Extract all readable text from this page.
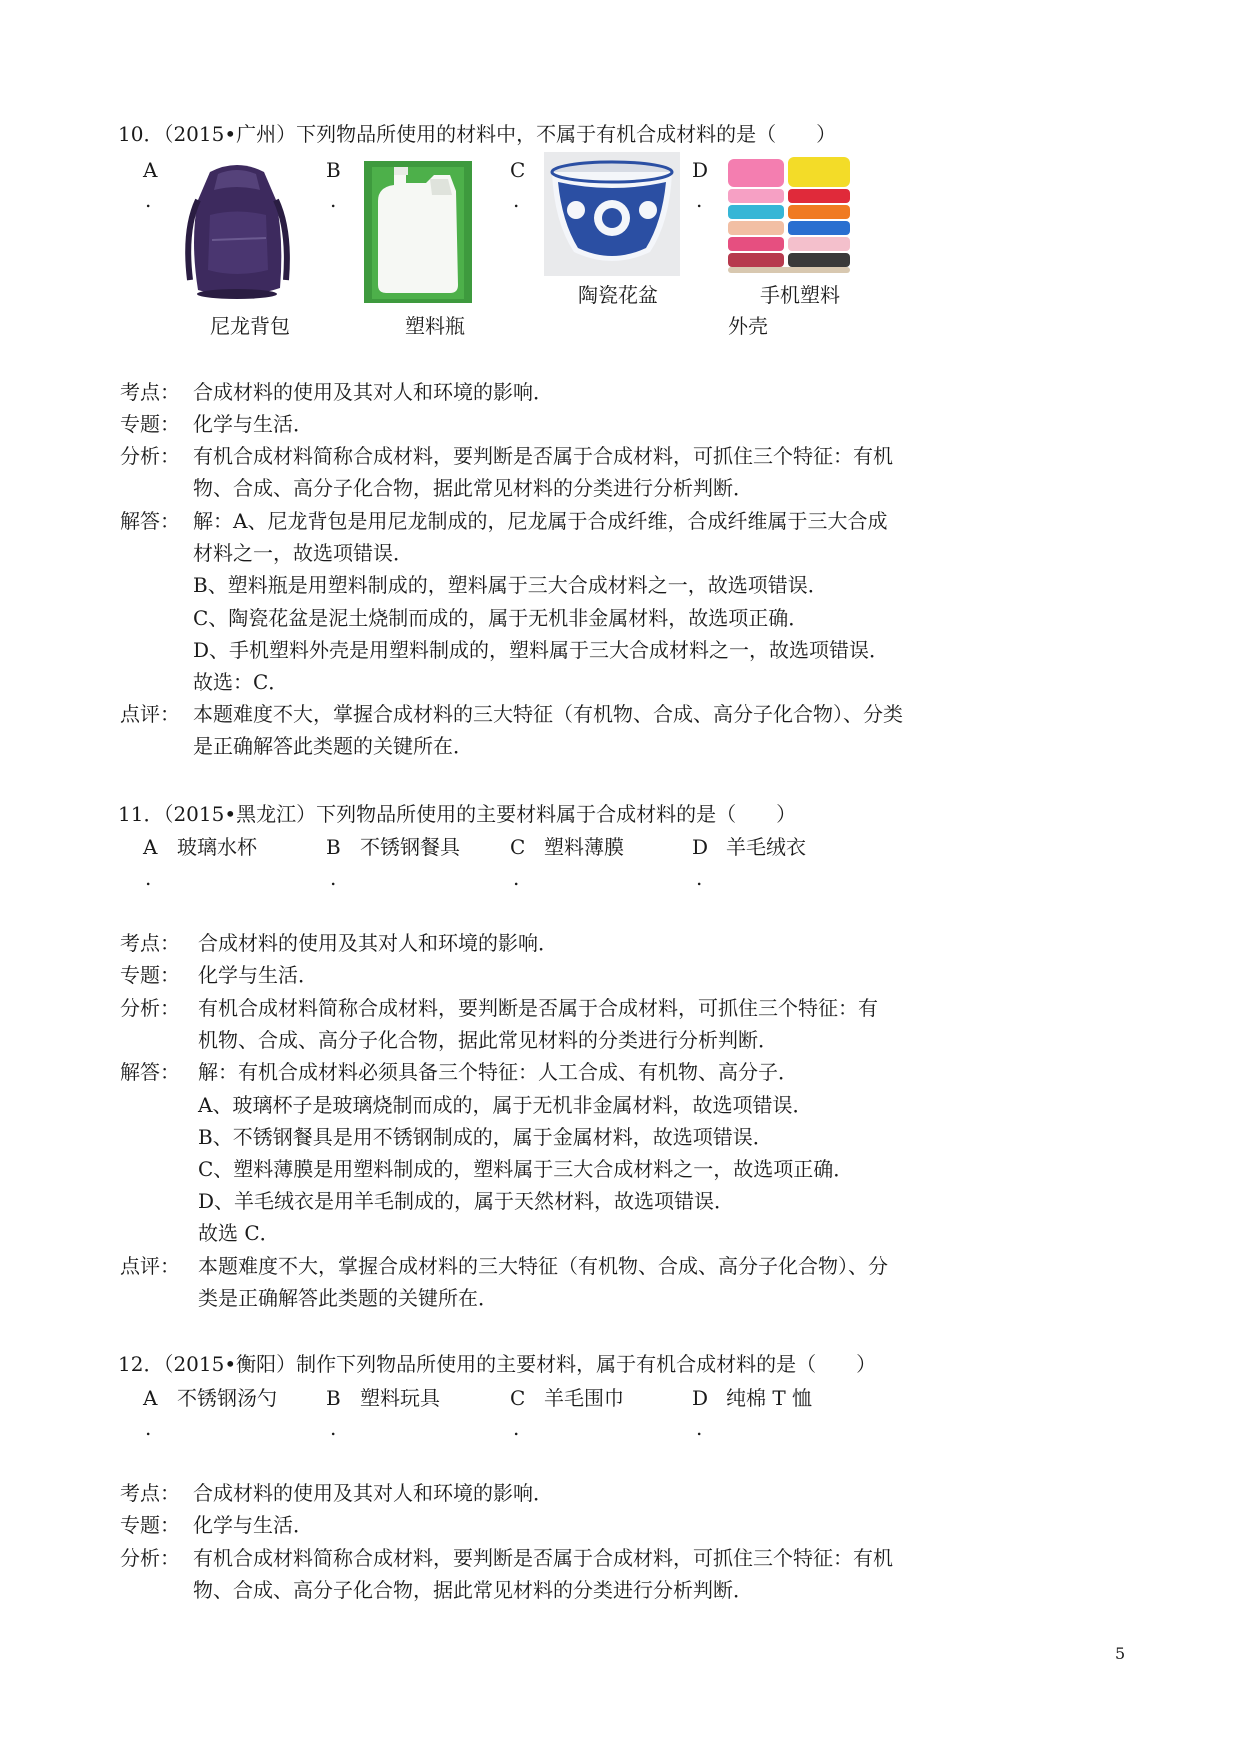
10．（2015•广州）下列物品所使用的材料中，不属于有机合成材料的是（　　）
A
.
B
.
C
.
D
.
尼龙背包	塑料瓶
陶瓷花盆	手机塑料
外壳
考点： 合成材料的使用及其对人和环境的影响．
专题： 化学与生活．
分析： 有机合成材料简称合成材料，要判断是否属于合成材料，可抓住三个特征：有机
物、合成、高分子化合物，据此常见材料的分类进行分析判断．
解答： 解：A、尼龙背包是用尼龙制成的，尼龙属于合成纤维，合成纤维属于三大合成
材料之一，故选项错误．
B、塑料瓶是用塑料制成的，塑料属于三大合成材料之一，故选项错误．
C、陶瓷花盆是泥土烧制而成的，属于无机非金属材料，故选项正确．
D、手机塑料外壳是用塑料制成的，塑料属于三大合成材料之一，故选项错误．
故选：C．
点评： 本题难度不大，掌握合成材料的三大特征（有机物、合成、高分子化合物）、分类
是正确解答此类题的关键所在．
11．（2015•黑龙江）下列物品所使用的主要材料属于合成材料的是（　　）
A 玻璃水杯
.
B 不锈钢餐具
.
C 塑料薄膜
.
D 羊毛绒衣
.
考点： 合成材料的使用及其对人和环境的影响．
专题： 化学与生活．
分析： 有机合成材料简称合成材料，要判断是否属于合成材料，可抓住三个特征：有
机物、合成、高分子化合物，据此常见材料的分类进行分析判断．
解答： 解：有机合成材料必须具备三个特征：人工合成、有机物、高分子．
A、玻璃杯子是玻璃烧制而成的，属于无机非金属材料，故选项错误．
B、不锈钢餐具是用不锈钢制成的，属于金属材料，故选项错误．
C、塑料薄膜是用塑料制成的，塑料属于三大合成材料之一，故选项正确．
D、羊毛绒衣是用羊毛制成的，属于天然材料，故选项错误．
故选 C．
点评： 本题难度不大，掌握合成材料的三大特征（有机物、合成、高分子化合物）、分
类是正确解答此类题的关键所在．
12．（2015•衡阳）制作下列物品所使用的主要材料，属于有机合成材料的是（　　）
A 不锈钢汤勺
.
B 塑料玩具
.
C 羊毛围巾
.
D 纯棉 T 恤
.
考点： 合成材料的使用及其对人和环境的影响．
专题： 化学与生活．
分析： 有机合成材料简称合成材料，要判断是否属于合成材料，可抓住三个特征：有机
物、合成、高分子化合物，据此常见材料的分类进行分析判断．
5
